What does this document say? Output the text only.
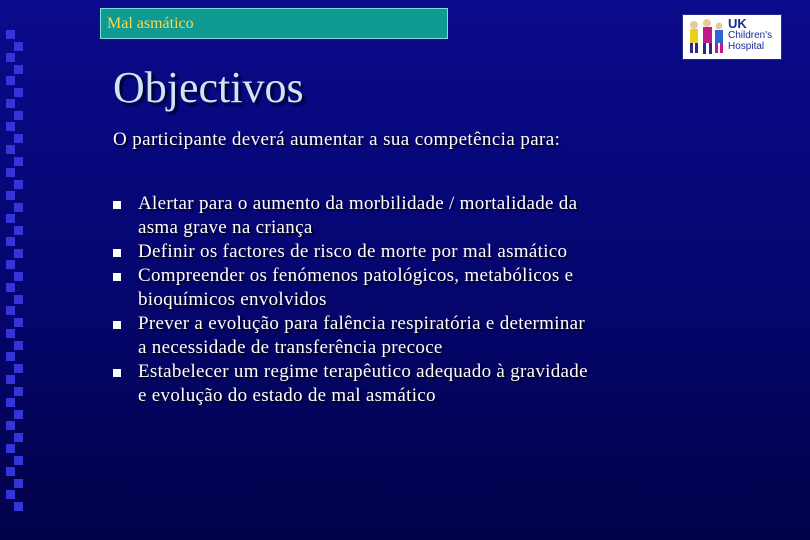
Mal asmático	UK
Children's
Hospital
Objectivos

O participante deverá aumentar a sua competência para:

Alertar para o aumento da morbilidade / mortalidade da
asma grave na criança
Definir os factores de risco de morte por mal asmático
Compreender os fenómenos patológicos, metabólicos e
bioquímicos envolvidos
Prever a evolução para falência respiratória e determinar
a necessidade de transferência precoce
Estabelecer um regime terapêutico adequado à gravidade
e evolução do estado de mal asmático
